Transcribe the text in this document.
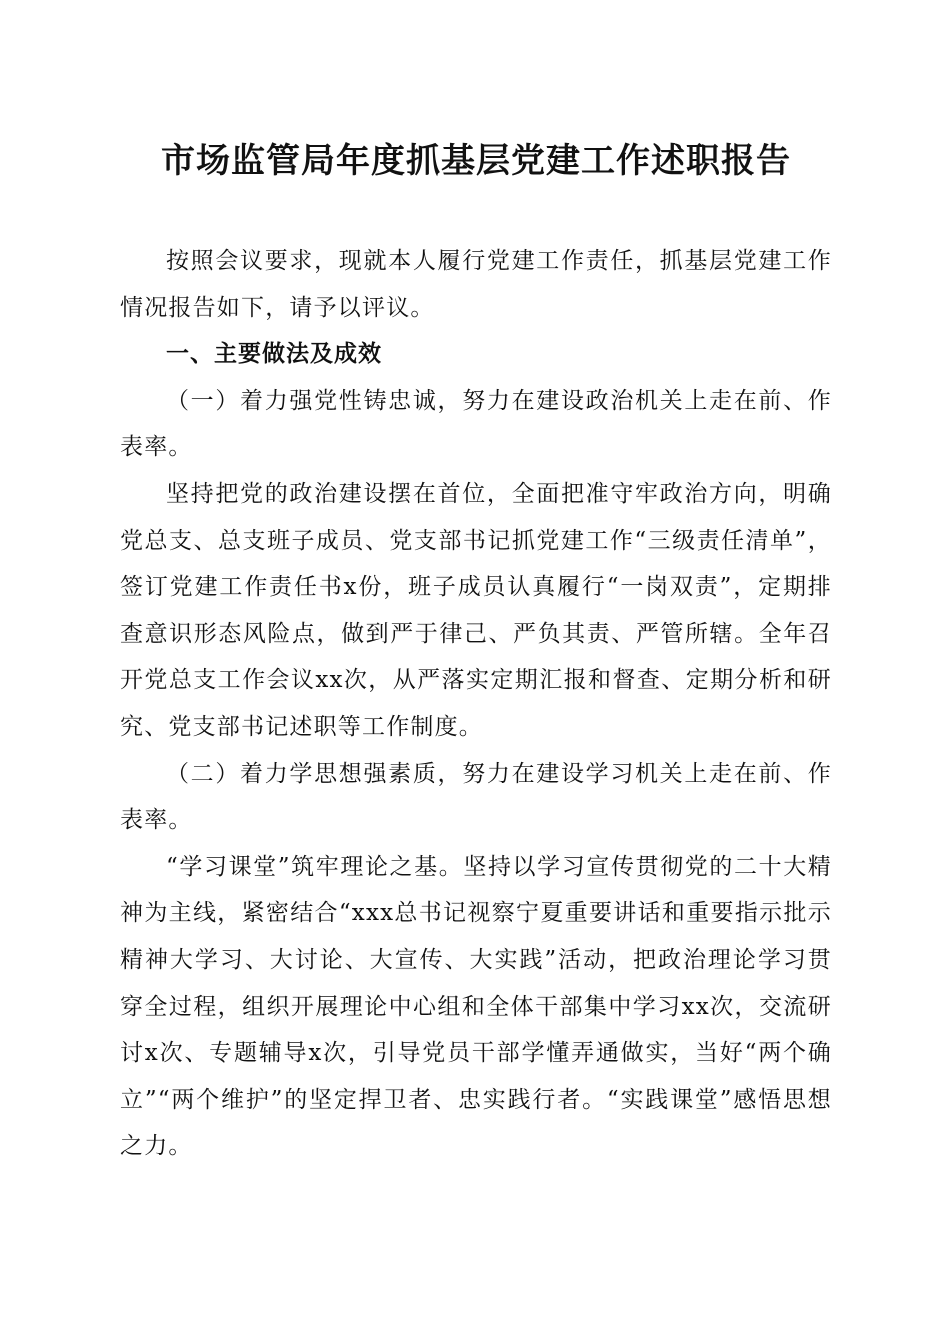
市场监管局年度抓基层党建工作述职报告

按照会议要求，现就本人履行党建工作责任，抓基层党建工作情况报告如下，请予以评议。

一、主要做法及成效

（一）着力强党性铸忠诚，努力在建设政治机关上走在前、作表率。

坚持把党的政治建设摆在首位，全面把准守牢政治方向，明确党总支、总支班子成员、党支部书记抓党建工作“三级责任清单”，签订党建工作责任书x份，班子成员认真履行“一岗双责”，定期排查意识形态风险点，做到严于律己、严负其责、严管所辖。全年召开党总支工作会议xx次，从严落实定期汇报和督查、定期分析和研究、党支部书记述职等工作制度。

（二）着力学思想强素质，努力在建设学习机关上走在前、作表率。

“学习课堂”筑牢理论之基。坚持以学习宣传贯彻党的二十大精神为主线，紧密结合“xxx总书记视察宁夏重要讲话和重要指示批示精神大学习、大讨论、大宣传、大实践”活动，把政治理论学习贯穿全过程，组织开展理论中心组和全体干部集中学习xx次，交流研讨x次、专题辅导x次，引导党员干部学懂弄通做实，当好“两个确立”“两个维护”的坚定捍卫者、忠实践行者。“实践课堂”感悟思想之力。
